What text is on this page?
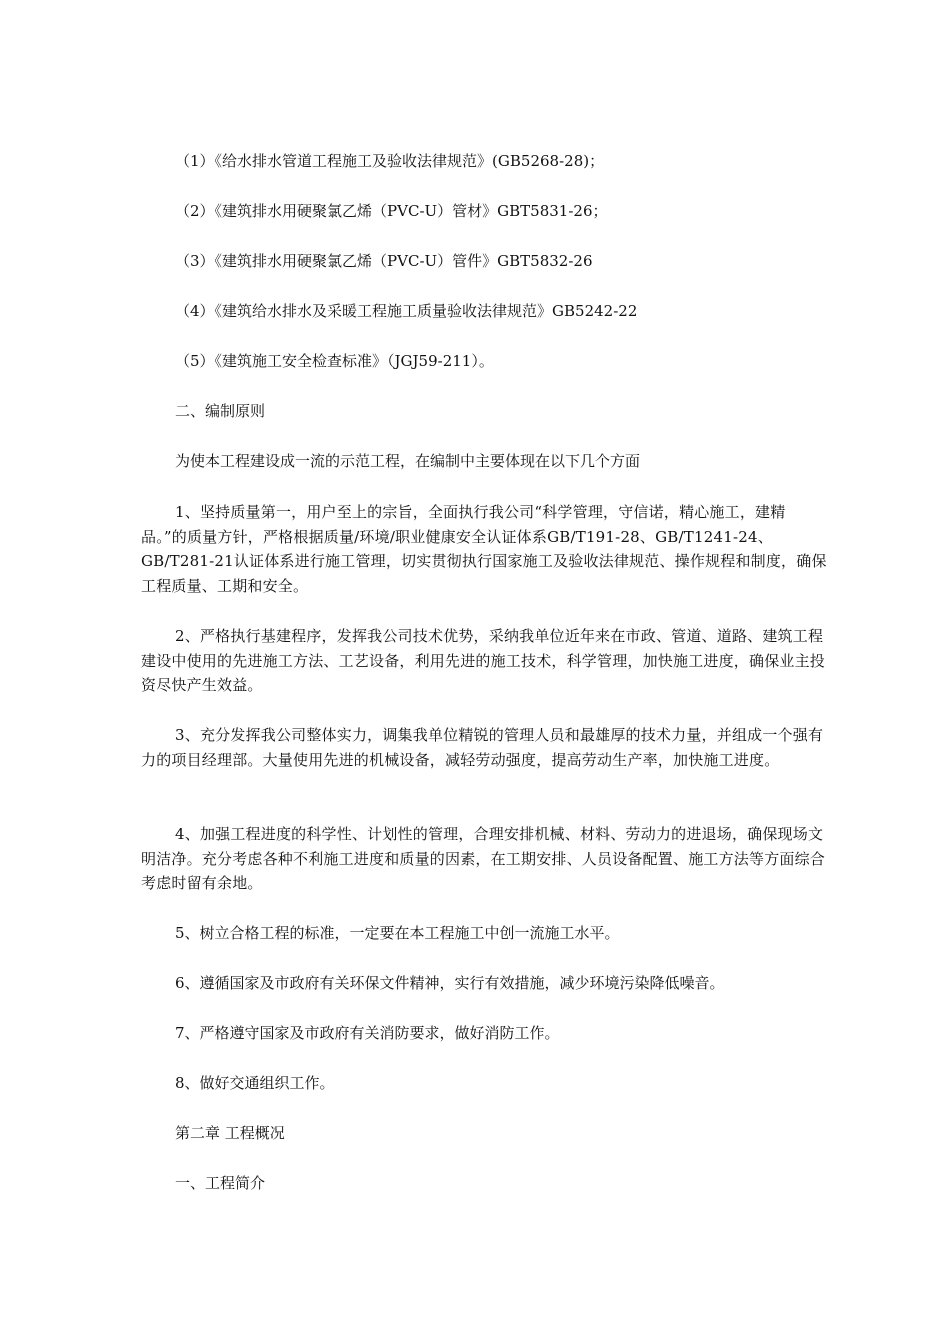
（1）《给水排水管道工程施工及验收法律规范》(GB5268-28)；
（2）《建筑排水用硬聚氯乙烯（PVC-U）管材》GBT5831-26；
（3）《建筑排水用硬聚氯乙烯（PVC-U）管件》GBT5832-26
（4）《建筑给水排水及采暖工程施工质量验收法律规范》GB5242-22
（5）《建筑施工安全检查标准》（JGJ59-211）。
二、编制原则
为使本工程建设成一流的示范工程，在编制中主要体现在以下几个方面
1、坚持质量第一，用户至上的宗旨，全面执行我公司“科学管理，守信诺，精心施工，建精品。”的质量方针，严格根据质量/环境/职业健康安全认证体系GB/T191-28、GB/T1241-24、GB/T281-21认证体系进行施工管理，切实贯彻执行国家施工及验收法律规范、操作规程和制度，确保工程质量、工期和安全。
2、严格执行基建程序，发挥我公司技术优势，采纳我单位近年来在市政、管道、道路、建筑工程建设中使用的先进施工方法、工艺设备，利用先进的施工技术，科学管理，加快施工进度，确保业主投资尽快产生效益。
3、充分发挥我公司整体实力，调集我单位精锐的管理人员和最雄厚的技术力量，并组成一个强有力的项目经理部。大量使用先进的机械设备，减轻劳动强度，提高劳动生产率，加快施工进度。
4、加强工程进度的科学性、计划性的管理，合理安排机械、材料、劳动力的进退场，确保现场文明洁净。充分考虑各种不利施工进度和质量的因素，在工期安排、人员设备配置、施工方法等方面综合考虑时留有余地。
5、树立合格工程的标准，一定要在本工程施工中创一流施工水平。
6、遵循国家及市政府有关环保文件精神，实行有效措施，减少环境污染降低噪音。
7、严格遵守国家及市政府有关消防要求，做好消防工作。
8、做好交通组织工作。
第二章 工程概况
一、工程简介
